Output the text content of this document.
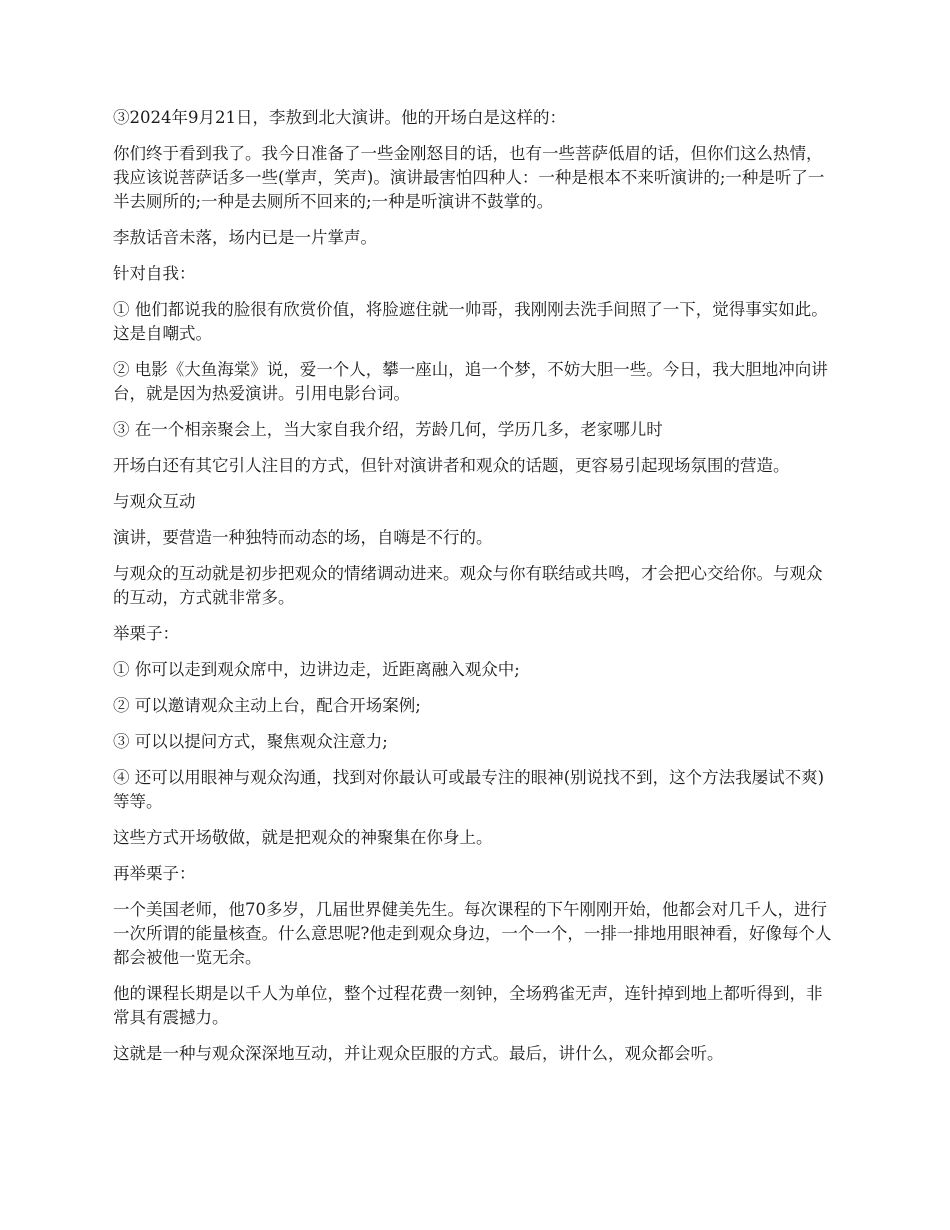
③2024年9月21日，李敖到北大演讲。他的开场白是这样的：

你们终于看到我了。我今日准备了一些金刚怒目的话，也有一些菩萨低眉的话，但你们这么热情，我应该说菩萨话多一些(掌声，笑声)。演讲最害怕四种人：一种是根本不来听演讲的;一种是听了一半去厕所的;一种是去厕所不回来的;一种是听演讲不鼓掌的。

李敖话音未落，场内已是一片掌声。

针对自我：

① 他们都说我的脸很有欣赏价值，将脸遮住就一帅哥，我刚刚去洗手间照了一下，觉得事实如此。这是自嘲式。

② 电影《大鱼海棠》说，爱一个人，攀一座山，追一个梦，不妨大胆一些。今日，我大胆地冲向讲台，就是因为热爱演讲。引用电影台词。

③ 在一个相亲聚会上，当大家自我介绍，芳龄几何，学历几多，老家哪儿时

开场白还有其它引人注目的方式，但针对演讲者和观众的话题，更容易引起现场氛围的营造。

与观众互动

演讲，要营造一种独特而动态的场，自嗨是不行的。

与观众的互动就是初步把观众的情绪调动进来。观众与你有联结或共鸣，才会把心交给你。与观众的互动，方式就非常多。

举栗子：

① 你可以走到观众席中，边讲边走，近距离融入观众中;

② 可以邀请观众主动上台，配合开场案例;

③ 可以以提问方式，聚焦观众注意力;

④ 还可以用眼神与观众沟通，找到对你最认可或最专注的眼神(别说找不到，这个方法我屡试不爽)等等。

这些方式开场敬做，就是把观众的神聚集在你身上。

再举栗子：

一个美国老师，他70多岁，几届世界健美先生。每次课程的下午刚刚开始，他都会对几千人，进行一次所谓的能量核查。什么意思呢?他走到观众身边，一个一个，一排一排地用眼神看，好像每个人都会被他一览无余。

他的课程长期是以千人为单位，整个过程花费一刻钟，全场鸦雀无声，连针掉到地上都听得到，非常具有震撼力。

这就是一种与观众深深地互动，并让观众臣服的方式。最后，讲什么，观众都会听。
